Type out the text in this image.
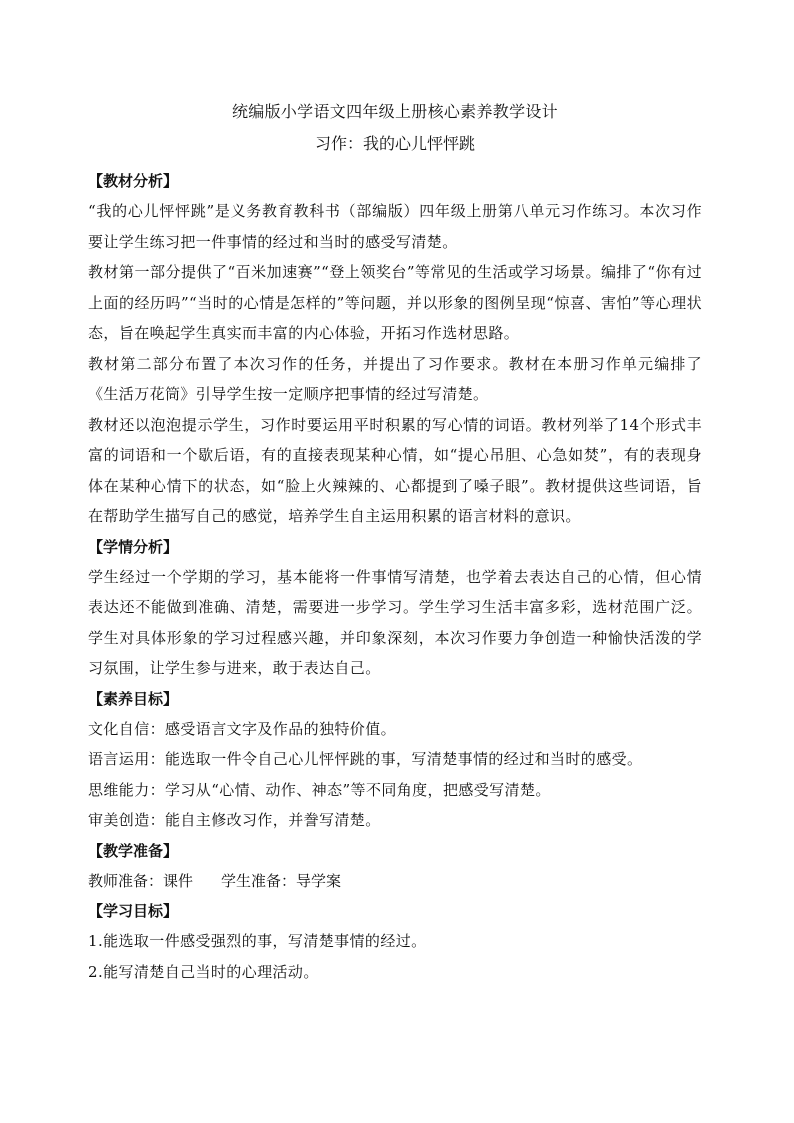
统编版小学语文四年级上册核心素养教学设计
习作：我的心儿怦怦跳

【教材分析】

“我的心儿怦怦跳”是义务教育教科书（部编版）四年级上册第八单元习作练习。本次习作要让学生练习把一件事情的经过和当时的感受写清楚。

教材第一部分提供了“百米加速赛”“登上领奖台”等常见的生活或学习场景。编排了“你有过上面的经历吗”“当时的心情是怎样的”等问题，并以形象的图例呈现“惊喜、害怕”等心理状态，旨在唤起学生真实而丰富的内心体验，开拓习作选材思路。

教材第二部分布置了本次习作的任务，并提出了习作要求。教材在本册习作单元编排了《生活万花筒》引导学生按一定顺序把事情的经过写清楚。

教材还以泡泡提示学生，习作时要运用平时积累的写心情的词语。教材列举了14个形式丰富的词语和一个歇后语，有的直接表现某种心情，如“提心吊胆、心急如焚”，有的表现身体在某种心情下的状态，如“脸上火辣辣的、心都提到了嗓子眼”。教材提供这些词语，旨在帮助学生描写自己的感觉，培养学生自主运用积累的语言材料的意识。

【学情分析】

学生经过一个学期的学习，基本能将一件事情写清楚，也学着去表达自己的心情，但心情表达还不能做到准确、清楚，需要进一步学习。学生学习生活丰富多彩，选材范围广泛。学生对具体形象的学习过程感兴趣，并印象深刻，本次习作要力争创造一种愉快活泼的学习氛围，让学生参与进来，敢于表达自己。

【素养目标】

文化自信：感受语言文字及作品的独特价值。

语言运用：能选取一件令自己心儿怦怦跳的事，写清楚事情的经过和当时的感受。

思维能力：学习从“心情、动作、神态”等不同角度，把感受写清楚。

审美创造：能自主修改习作，并誊写清楚。

【教学准备】

教师准备：课件 学生准备：导学案

【学习目标】

1.能选取一件感受强烈的事，写清楚事情的经过。

2.能写清楚自己当时的心理活动。
